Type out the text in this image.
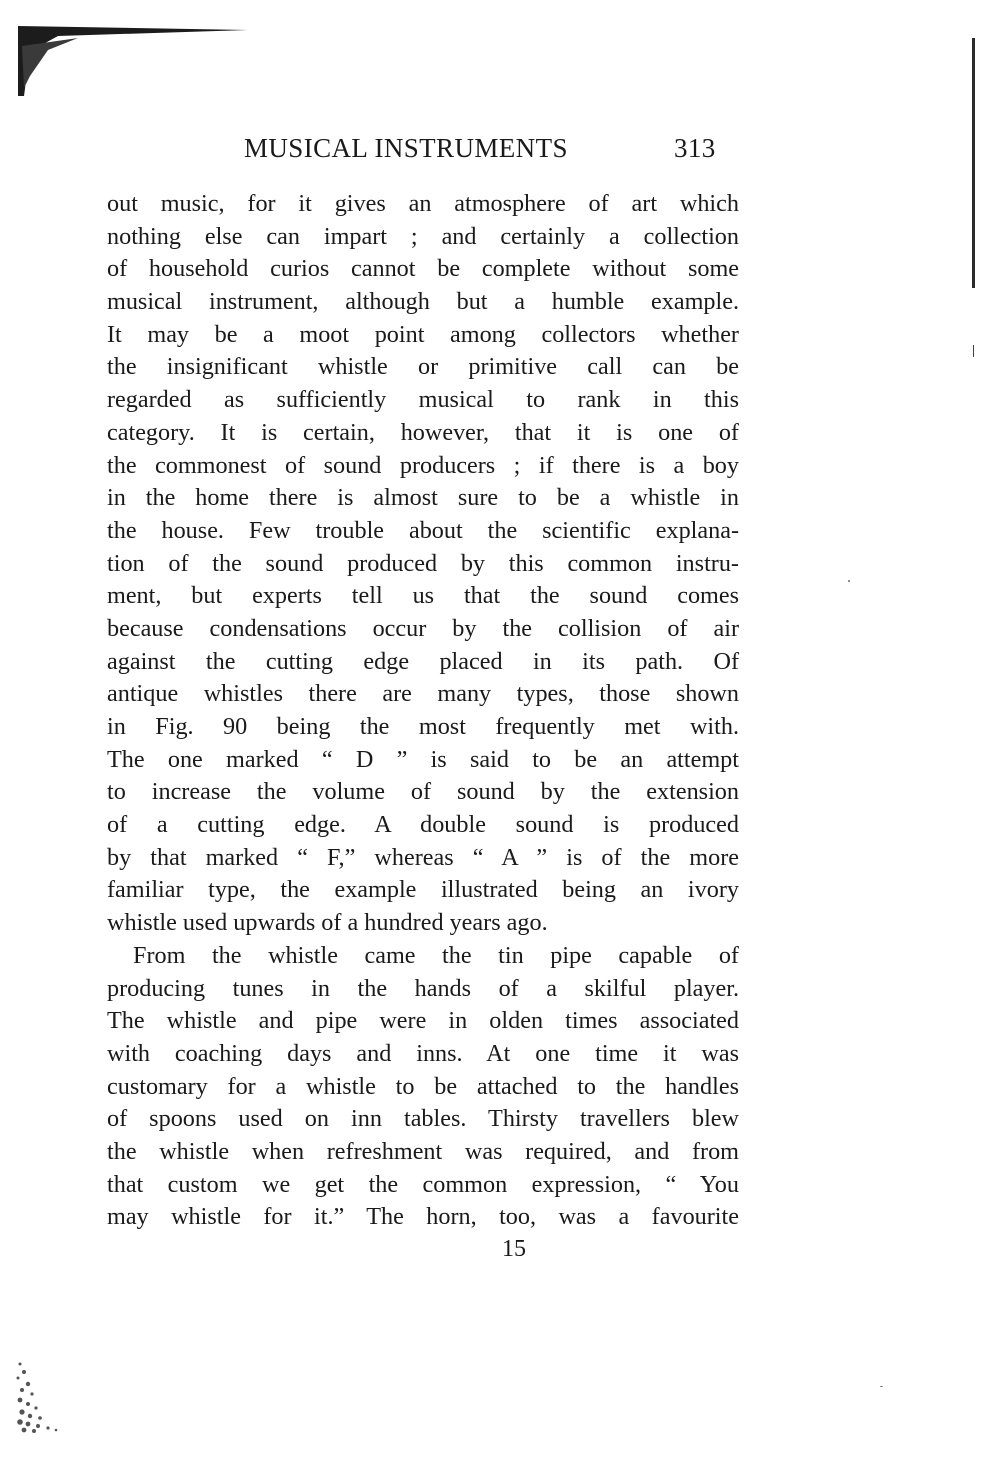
MUSICAL INSTRUMENTS	313
out music, for it gives an atmosphere of art which
nothing else can impart ; and certainly a collection
of household curios cannot be complete without some
musical instrument, although but a humble example.
It may be a moot point among collectors whether
the insignificant whistle or primitive call can be
regarded as sufficiently musical to rank in this
category. It is certain, however, that it is one of
the commonest of sound producers ; if there is a boy
in the home there is almost sure to be a whistle in
the house. Few trouble about the scientific explana-
tion of the sound produced by this common instru-
ment, but experts tell us that the sound comes
because condensations occur by the collision of air
against the cutting edge placed in its path. Of
antique whistles there are many types, those shown
in Fig. 90 being the most frequently met with.
The one marked “ D ” is said to be an attempt
to increase the volume of sound by the extension
of a cutting edge. A double sound is produced
by that marked “ F,” whereas “ A ” is of the more
familiar type, the example illustrated being an ivory
whistle used upwards of a hundred years ago.
From the whistle came the tin pipe capable of
producing tunes in the hands of a skilful player.
The whistle and pipe were in olden times associated
with coaching days and inns. At one time it was
customary for a whistle to be attached to the handles
of spoons used on inn tables. Thirsty travellers blew
the whistle when refreshment was required, and from
that custom we get the common expression, “ You
may whistle for it.” The horn, too, was a favourite
15
